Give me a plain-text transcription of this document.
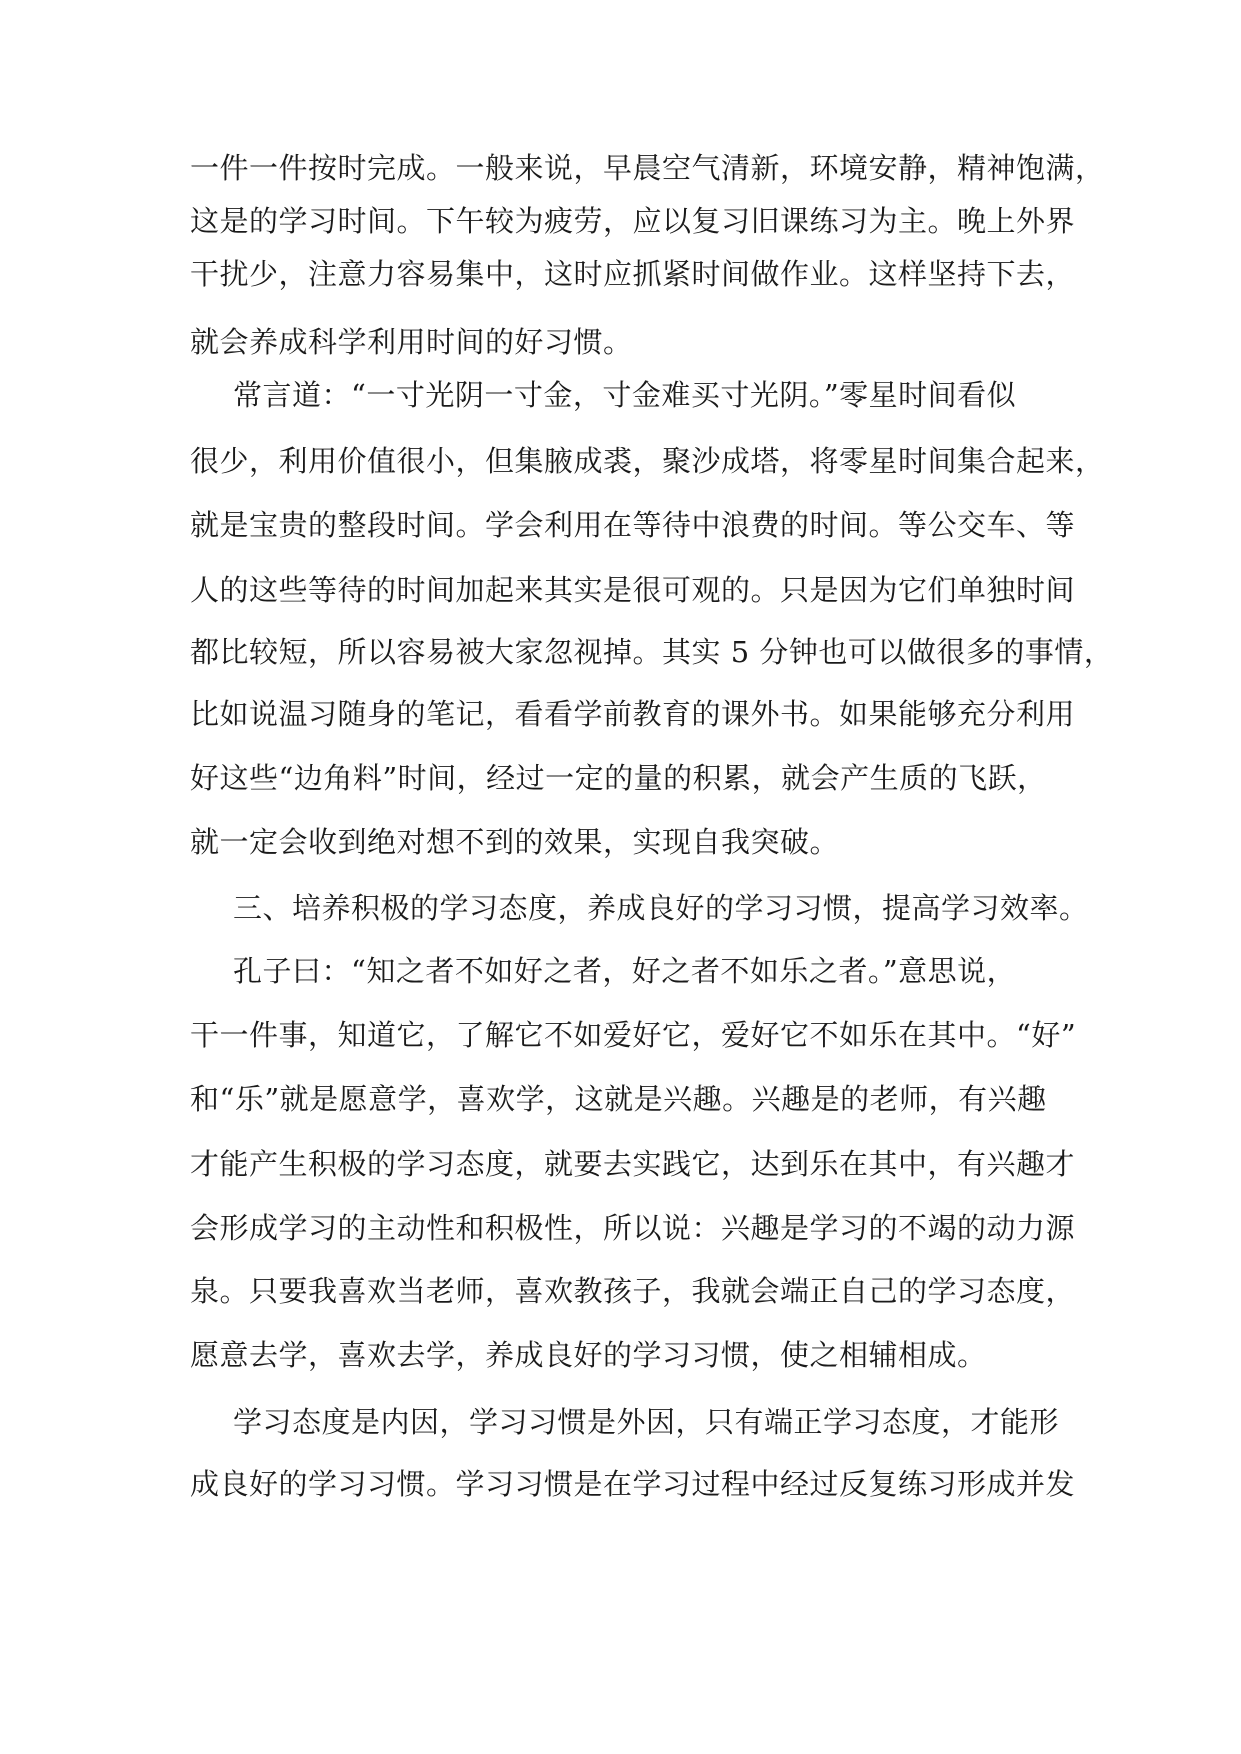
一件一件按时完成。一般来说，早晨空气清新，环境安静，精神饱满，
这是的学习时间。下午较为疲劳，应以复习旧课练习为主。晚上外界
干扰少，注意力容易集中，这时应抓紧时间做作业。这样坚持下去，
就会养成科学利用时间的好习惯。
常言道：“一寸光阴一寸金，寸金难买寸光阴。”零星时间看似
很少，利用价值很小，但集腋成裘，聚沙成塔，将零星时间集合起来，
就是宝贵的整段时间。学会利用在等待中浪费的时间。等公交车、等
人的这些等待的时间加起来其实是很可观的。只是因为它们单独时间
都比较短，所以容易被大家忽视掉。其实 5 分钟也可以做很多的事情，
比如说温习随身的笔记，看看学前教育的课外书。如果能够充分利用
好这些“边角料”时间，经过一定的量的积累，就会产生质的飞跃，
就一定会收到绝对想不到的效果，实现自我突破。
三、培养积极的学习态度，养成良好的学习习惯，提高学习效率。
孔子曰：“知之者不如好之者，好之者不如乐之者。”意思说，
干一件事，知道它，了解它不如爱好它，爱好它不如乐在其中。“好”
和“乐”就是愿意学，喜欢学，这就是兴趣。兴趣是的老师，有兴趣
才能产生积极的学习态度，就要去实践它，达到乐在其中，有兴趣才
会形成学习的主动性和积极性，所以说：兴趣是学习的不竭的动力源
泉。只要我喜欢当老师，喜欢教孩子，我就会端正自己的学习态度，
愿意去学，喜欢去学，养成良好的学习习惯，使之相辅相成。
学习态度是内因，学习习惯是外因，只有端正学习态度，才能形
成良好的学习习惯。学习习惯是在学习过程中经过反复练习形成并发
